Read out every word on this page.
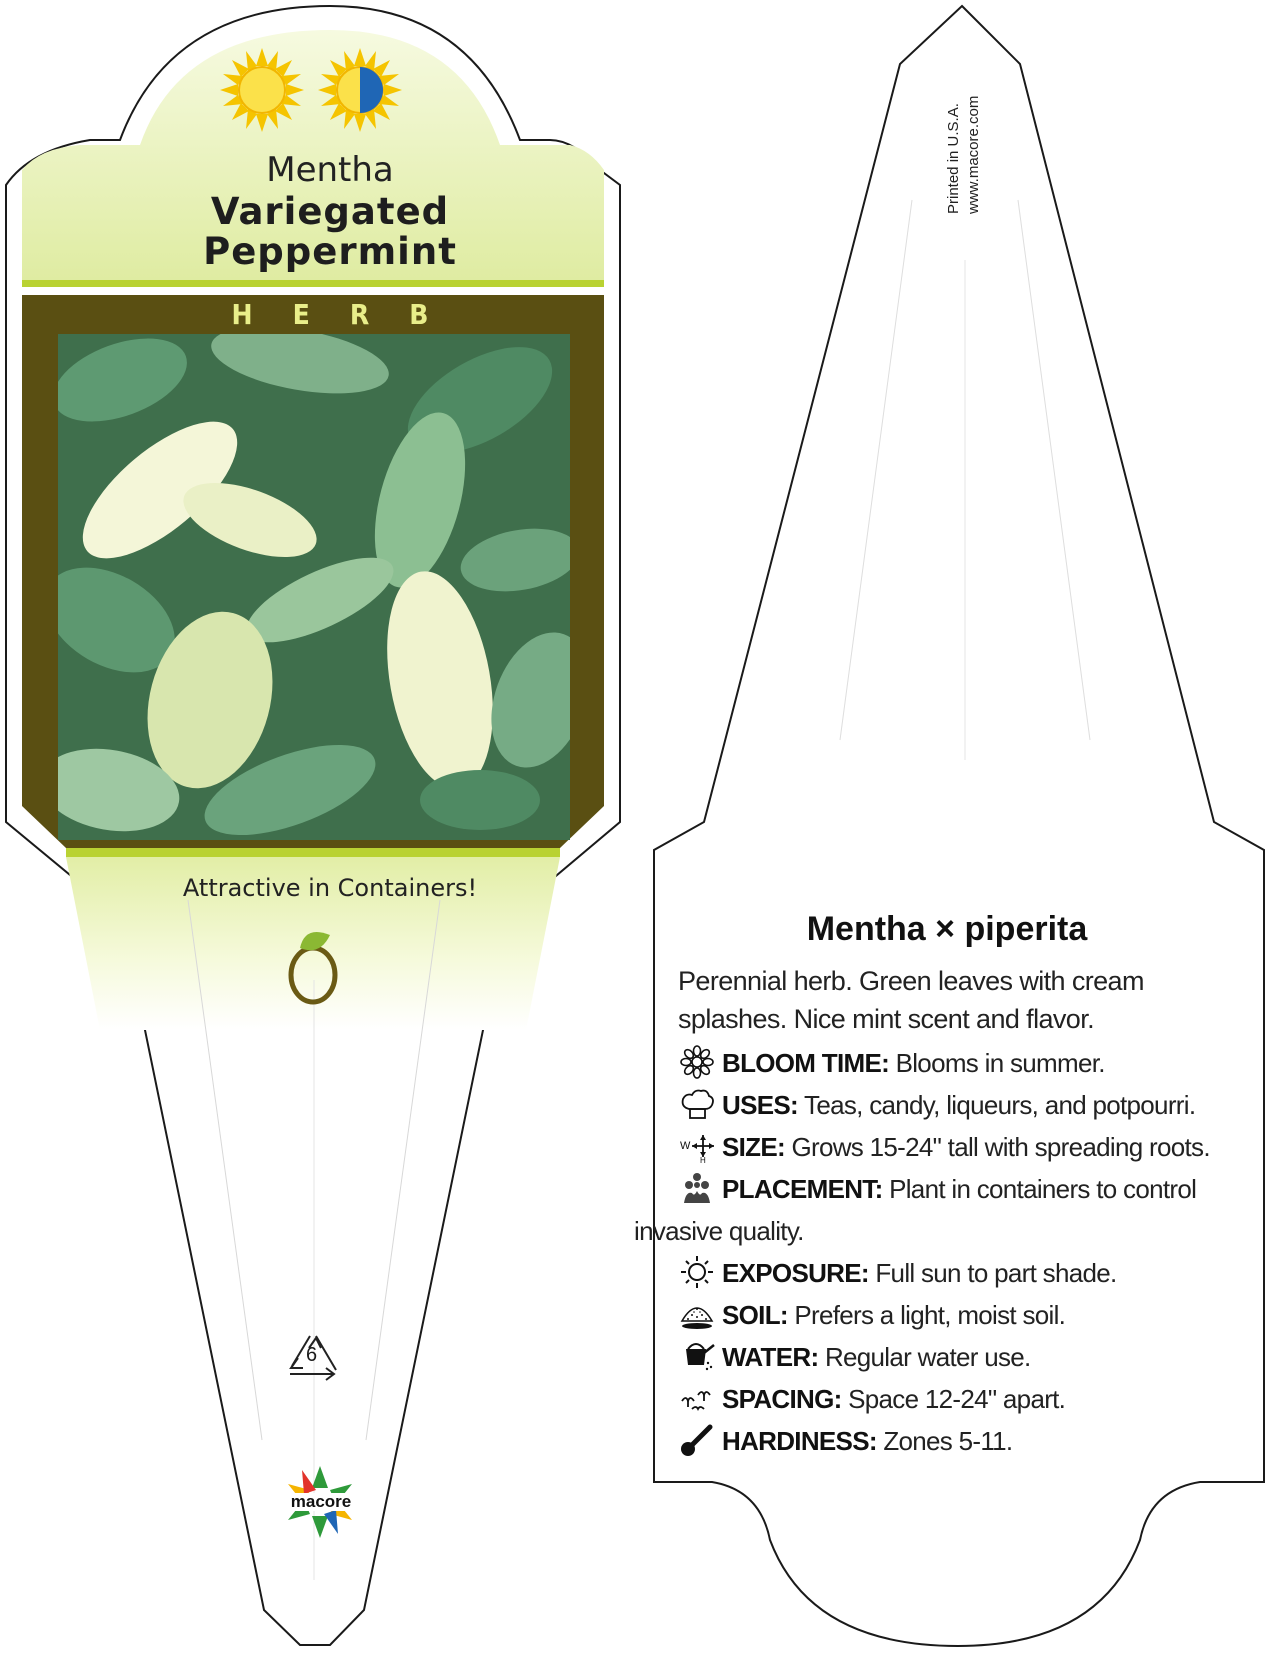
Mentha
Variegated
Peppermint
H E R B
Attractive in Containers!
6
macore
Printed in U.S.A. www.macore.com
Mentha × piperita
Perennial herb. Green leaves with cream splashes. Nice mint scent and flavor.
BLOOM TIME: Blooms in summer.
USES: Teas, candy, liqueurs, and potpourri.
W
H SIZE: Grows 15-24" tall with spreading roots.
PLACEMENT: Plant in containers to control
invasive quality.
EXPOSURE: Full sun to part shade.
SOIL: Prefers a light, moist soil.
WATER: Regular water use.
SPACING: Space 12-24" apart.
HARDINESS: Zones 5-11.
